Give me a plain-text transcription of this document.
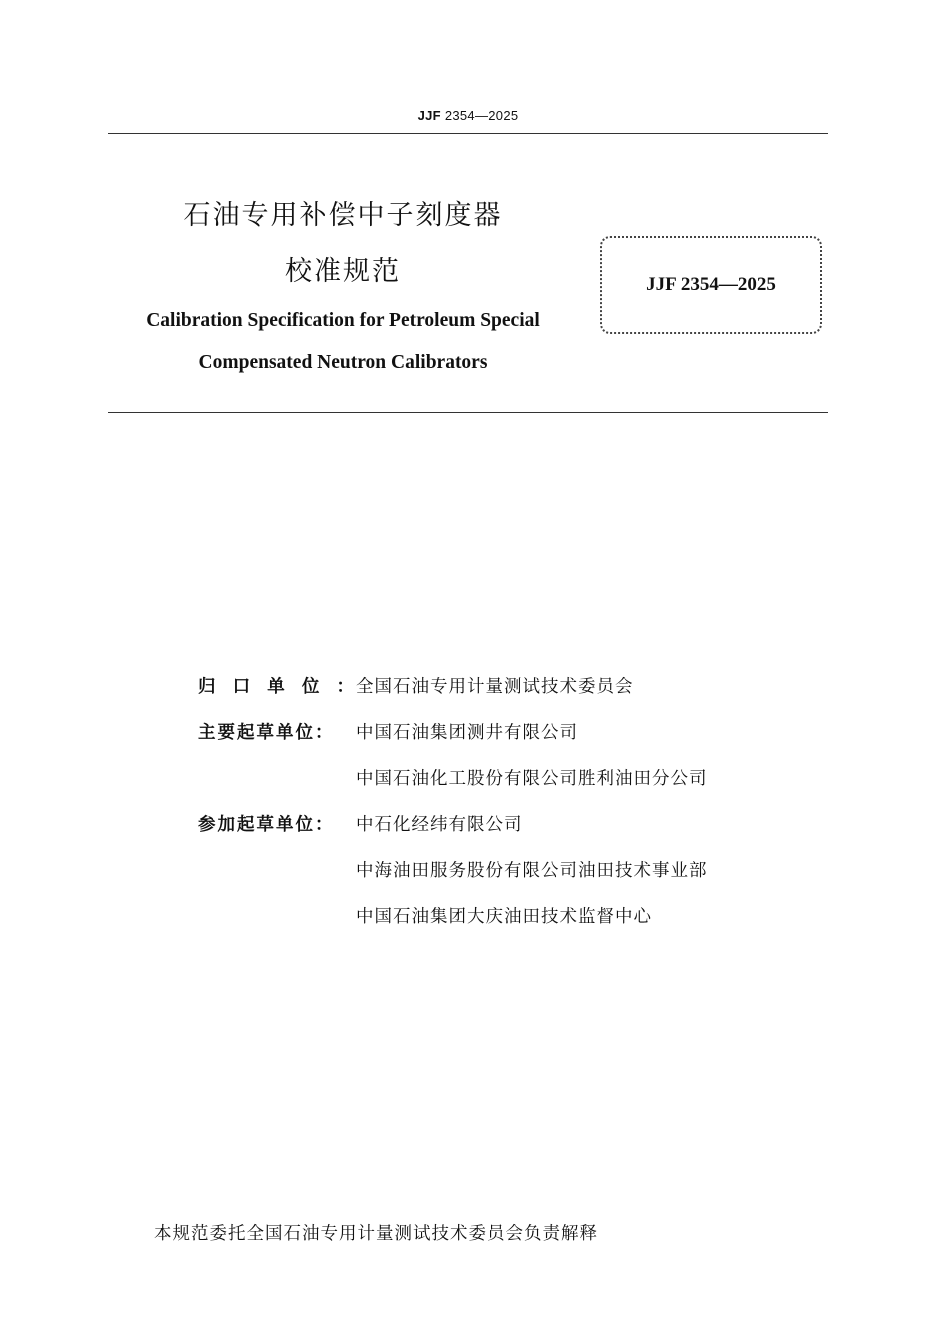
JJF 2354—2025
石油专用补偿中子刻度器
校准规范

Calibration Specification for Petroleum Special

Compensated Neutron Calibrators

JJF 2354—2025
归 口 单 位 ： 全国石油专用计量测试技术委员会
主要起草单位：	中国石油集团测井有限公司
中国石油化工股份有限公司胜利油田分公司
参加起草单位：	中石化经纬有限公司
中海油田服务股份有限公司油田技术事业部
中国石油集团大庆油田技术监督中心
本规范委托全国石油专用计量测试技术委员会负责解释
